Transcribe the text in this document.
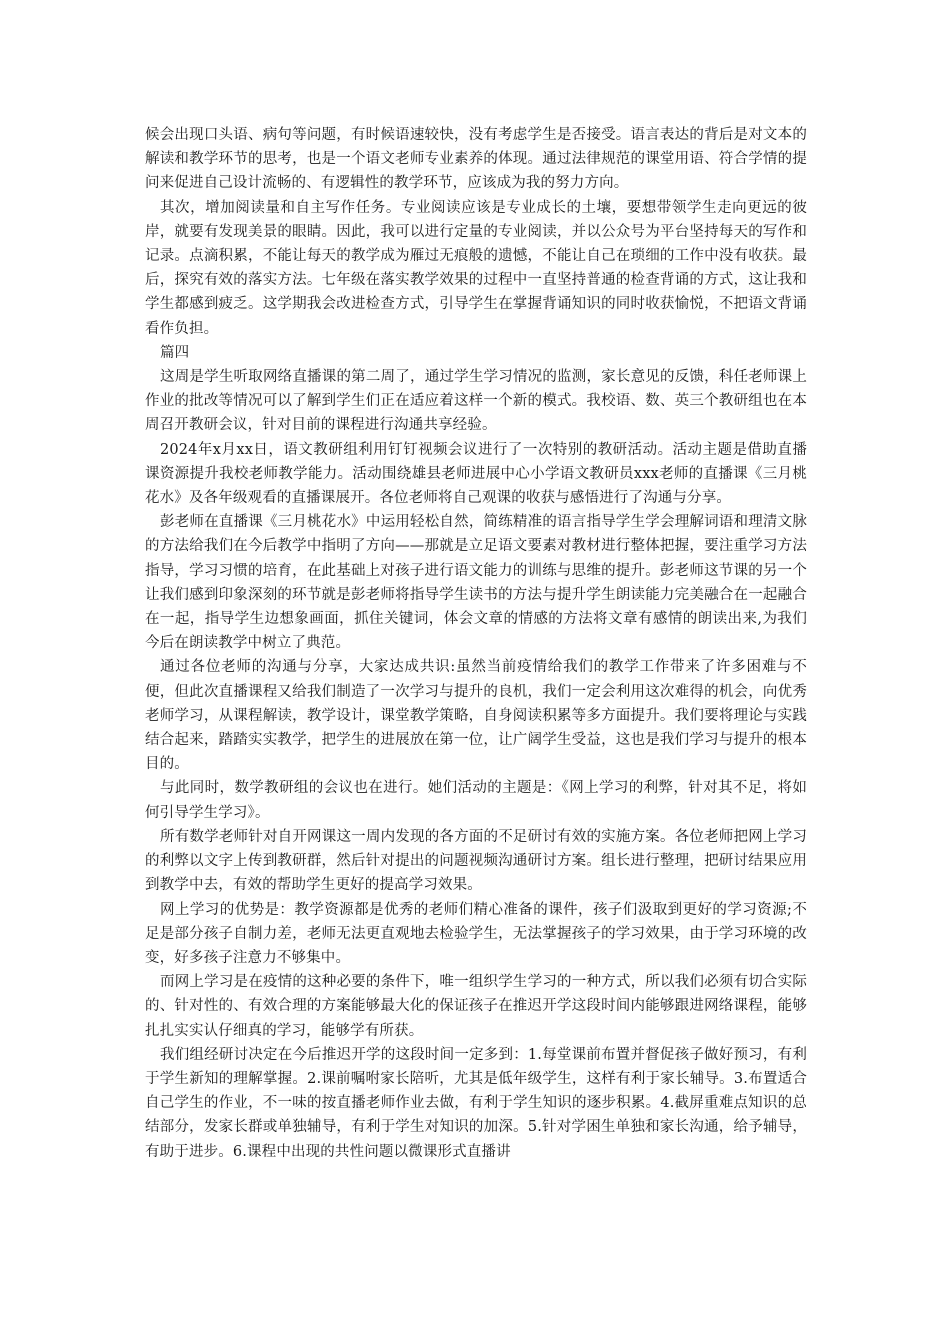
候会出现口头语、病句等问题，有时候语速较快，没有考虑学生是否接受。语言表达的背后是对文本的解读和教学环节的思考，也是一个语文老师专业素养的体现。通过法律规范的课堂用语、符合学情的提问来促进自己设计流畅的、有逻辑性的教学环节，应该成为我的努力方向。

其次，增加阅读量和自主写作任务。专业阅读应该是专业成长的土壤，要想带领学生走向更远的彼岸，就要有发现美景的眼睛。因此，我可以进行定量的专业阅读，并以公众号为平台坚持每天的写作和记录。点滴积累，不能让每天的教学成为雁过无痕般的遗憾，不能让自己在琐细的工作中没有收获。最后，探究有效的落实方法。七年级在落实教学效果的过程中一直坚持普通的检查背诵的方式，这让我和学生都感到疲乏。这学期我会改进检查方式，引导学生在掌握背诵知识的同时收获愉悦，不把语文背诵看作负担。

篇四

这周是学生听取网络直播课的第二周了，通过学生学习情况的监测，家长意见的反馈，科任老师课上作业的批改等情况可以了解到学生们正在适应着这样一个新的模式。我校语、数、英三个教研组也在本周召开教研会议，针对目前的课程进行沟通共享经验。

2024年x月xx日，语文教研组利用钉钉视频会议进行了一次特别的教研活动。活动主题是借助直播课资源提升我校老师教学能力。活动围绕雄县老师进展中心小学语文教研员xxx老师的直播课《三月桃花水》及各年级观看的直播课展开。各位老师将自己观课的收获与感悟进行了沟通与分享。

彭老师在直播课《三月桃花水》中运用轻松自然，简练精准的语言指导学生学会理解词语和理清文脉的方法给我们在今后教学中指明了方向——那就是立足语文要素对教材进行整体把握，要注重学习方法指导，学习习惯的培育，在此基础上对孩子进行语文能力的训练与思维的提升。彭老师这节课的另一个让我们感到印象深刻的环节就是彭老师将指导学生读书的方法与提升学生朗读能力完美融合在一起融合在一起，指导学生边想象画面，抓住关键词，体会文章的情感的方法将文章有感情的朗读出来,为我们今后在朗读教学中树立了典范。

通过各位老师的沟通与分享，大家达成共识:虽然当前疫情给我们的教学工作带来了许多困难与不便，但此次直播课程又给我们制造了一次学习与提升的良机，我们一定会利用这次难得的机会，向优秀老师学习，从课程解读，教学设计，课堂教学策略，自身阅读积累等多方面提升。我们要将理论与实践结合起来，踏踏实实教学，把学生的进展放在第一位，让广阔学生受益，这也是我们学习与提升的根本目的。

与此同时，数学教研组的会议也在进行。她们活动的主题是：《网上学习的利弊，针对其不足，将如何引导学生学习》。

所有数学老师针对自开网课这一周内发现的各方面的不足研讨有效的实施方案。各位老师把网上学习的利弊以文字上传到教研群，然后针对提出的问题视频沟通研讨方案。组长进行整理，把研讨结果应用到教学中去，有效的帮助学生更好的提高学习效果。

网上学习的优势是：教学资源都是优秀的老师们精心准备的课件，孩子们汲取到更好的学习资源;不足是部分孩子自制力差，老师无法更直观地去检验学生，无法掌握孩子的学习效果，由于学习环境的改变，好多孩子注意力不够集中。

而网上学习是在疫情的这种必要的条件下，唯一组织学生学习的一种方式，所以我们必须有切合实际的、针对性的、有效合理的方案能够最大化的保证孩子在推迟开学这段时间内能够跟进网络课程，能够扎扎实实认仔细真的学习，能够学有所获。

我们组经研讨决定在今后推迟开学的这段时间一定多到：1.每堂课前布置并督促孩子做好预习，有利于学生新知的理解掌握。2.课前嘱咐家长陪听，尤其是低年级学生，这样有利于家长辅导。3.布置适合自己学生的作业，不一味的按直播老师作业去做，有利于学生知识的逐步积累。4.截屏重难点知识的总结部分，发家长群或单独辅导，有利于学生对知识的加深。5.针对学困生单独和家长沟通，给予辅导，有助于进步。6.课程中出现的共性问题以微课形式直播讲
